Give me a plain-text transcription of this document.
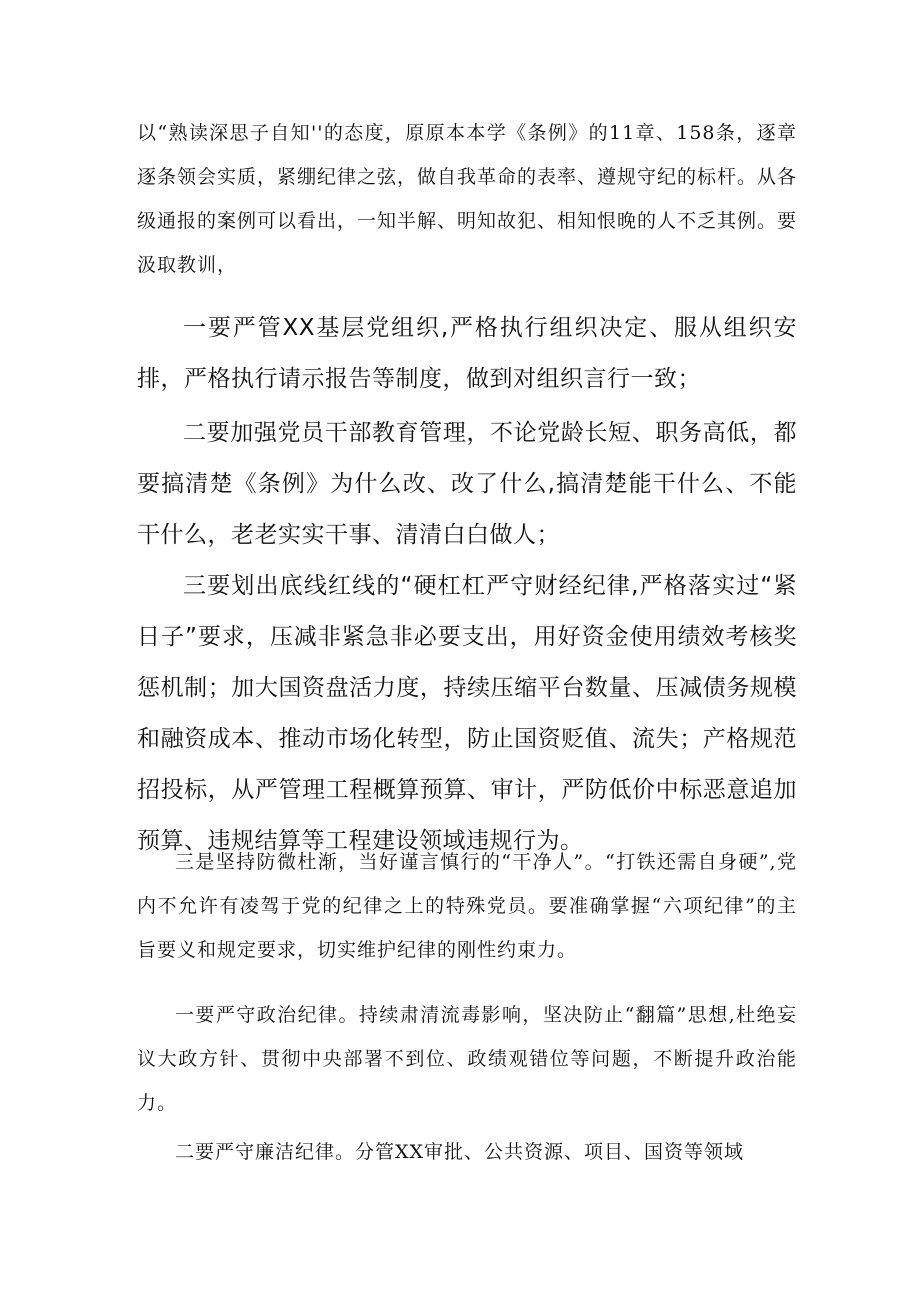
以“熟读深思子自知''的态度，原原本本学《条例》的11章、158条，逐章逐条领会实质，紧绷纪律之弦，做自我革命的表率、遵规守纪的标杆。从各级通报的案例可以看出，一知半解、明知故犯、相知恨晚的人不乏其例。要汲取教训，

一要严管XX基层党组织,严格执行组织决定、服从组织安排，严格执行请示报告等制度，做到对组织言行一致；

二要加强党员干部教育管理，不论党龄长短、职务高低，都要搞清楚《条例》为什么改、改了什么,搞清楚能干什么、不能干什么，老老实实干事、清清白白做人；

三要划出底线红线的“硬杠杠严守财经纪律,严格落实过“紧日子”要求，压减非紧急非必要支出，用好资金使用绩效考核奖惩机制；加大国资盘活力度，持续压缩平台数量、压减债务规模和融资成本、推动市场化转型，防止国资贬值、流失；产格规范招投标，从严管理工程概算预算、审计，严防低价中标恶意追加预算、违规结算等工程建设领域违规行为。

三是坚持防微杜渐，当好谨言慎行的“干净人”。“打铁还需自身硬”,党内不允许有凌驾于党的纪律之上的特殊党员。要准确掌握“六项纪律”的主旨要义和规定要求，切实维护纪律的刚性约束力。

一要严守政治纪律。持续肃清流毒影响，坚决防止“翻篇”思想,杜绝妄议大政方针、贯彻中央部署不到位、政绩观错位等问题，不断提升政治能力。

二要严守廉洁纪律。分管XX审批、公共资源、项目、国资等领域
